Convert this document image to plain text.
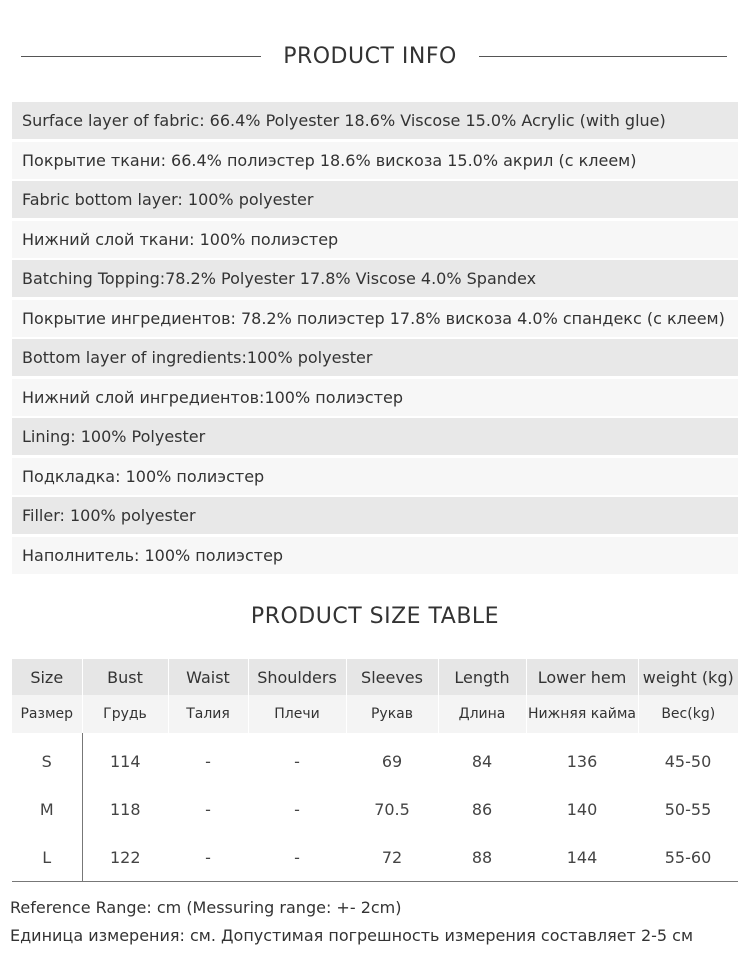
PRODUCT INFO
Surface layer of fabric: 66.4% Polyester 18.6% Viscose 15.0% Acrylic (with glue)
Покрытие ткани: 66.4% полиэстер 18.6% вискоза 15.0% акрил (с клеем)
Fabric bottom layer: 100% polyester
Нижний слой ткани: 100% полиэстер
Batching Topping:78.2% Polyester 17.8% Viscose 4.0% Spandex
Покрытие ингредиентов: 78.2% полиэстер 17.8% вискоза 4.0% спандекс (с клеем)
Bottom layer of ingredients:100% polyester
Нижний слой ингредиентов:100% полиэстер
Lining: 100% Polyester
Подкладка: 100% полиэстер
Filler: 100% polyester
Наполнитель: 100% полиэстер
PRODUCT SIZE TABLE
Size	Bust	Waist	Shoulders	Sleeves	Length	Lower hem	weight (kg)
Размер	Грудь	Талия	Плечи	Рукав	Длина	Нижняя кайма	Вес(kg)
S	114	-	-	69	84	136	45-50
M	118	-	-	70.5	86	140	50-55
L	122	-	-	72	88	144	55-60
Reference Range: cm (Messuring range: +- 2cm)
Единица измерения: см. Допустимая погрешность измерения составляет 2-5 см
